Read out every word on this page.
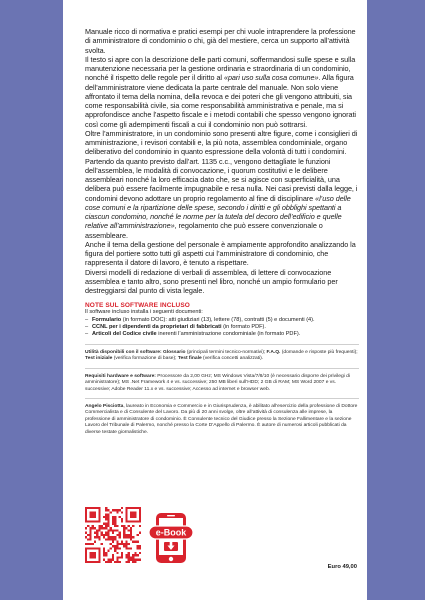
Manuale ricco di normativa e pratici esempi per chi vuole intraprendere la professione di amministratore di condominio o chi, già del mestiere, cerca un supporto all’attività svolta.

Il testo si apre con la descrizione delle parti comuni, soffermandosi sulle spese e sulla manutenzione necessaria per la gestione ordinaria e straordinaria di un condominio, nonché il rispetto delle regole per il diritto al «pari uso sulla cosa comune». Alla figura dell’amministratore viene dedicata la parte centrale del manuale. Non solo viene affrontato il tema della nomina, della revoca e dei poteri che gli vengono attribuiti, sia come responsabilità civile, sia come responsabilità amministrativa e penale, ma si approfondisce anche l’aspetto fiscale e i metodi contabili che spesso vengono ignorati così come gli adempimenti fiscali a cui il condominio non può sottrarsi.

Oltre l’amministratore, in un condominio sono presenti altre figure, come i consiglieri di amministrazione, i revisori contabili e, la più nota, assemblea condominiale, organo deliberativo del condominio in quanto espressione della volontà di tutti i condomini. Partendo da quanto previsto dall’art. 1135 c.c., vengono dettagliate le funzioni dell’assemblea, le modalità di convocazione, i quorum costitutivi e le delibere assembleari nonché la loro efficacia dato che, se si agisce con superficialità, una delibera può essere facilmente impugnabile e resa nulla. Nei casi previsti dalla legge, i condomini devono adottare un proprio regolamento al fine di disciplinare «l’uso delle cose comuni e la ripartizione delle spese, secondo i diritti e gli obblighi spettanti a ciascun condomino, nonché le norme per la tutela del decoro dell’edificio e quelle relative all’amministrazione», regolamento che può essere convenzionale o assembleare.

Anche il tema della gestione del personale è ampiamente approfondito analizzando la figura del portiere sotto tutti gli aspetti cui l’amministratore di condominio, che rappresenta il datore di lavoro, è tenuto a rispettare.

Diversi modelli di redazione di verbali di assemblea, di lettere di convocazione assemblea e tanto altro, sono presenti nel libro, nonché un ampio formulario per destreggiarsi dal punto di vista legale.

NOTE SUL SOFTWARE INCLUSO
Il software incluso installa i seguenti documenti:
– Formulario (in formato DOC): atti giudiziari (13), lettere (78), contratti (5) e documenti (4).
– CCNL per i dipendenti da proprietari di fabbricati (in formato PDF).
– Articoli del Codice civile inerenti l’amministrazione condominiale (in formato PDF).
Utilità disponibili con il software: Glossario (principali termini tecnico-normativi); F.A.Q. (domande e risposte più frequenti); Test iniziale (verifica formazione di base); Test finale (verifica concetti analizzati).
Requisiti hardware e software: Processore da 2,00 GHz; MS Windows Vista/7/8/10 (è necessario disporre dei privilegi di amministratore); MS .Net Framework 4 e vs. successive; 250 MB liberi sull’HDD; 2 GB di RAM; MS Word 2007 e vs. successive; Adobe Reader 11.x e vs. successive; Accesso ad internet e browser web.
Angelo Pisciotta, laureato in Economia e Commercio e in Giurisprudenza, è abilitato all’esercizio della professione di Dottore Commercialista e di Consulente del Lavoro. Da più di 20 anni svolge, oltre all’attività di consulenza alle imprese, la professione di amministratore di condominio. È Consulente tecnico del Giudice presso la Sezione Fallimentare e la sezione Lavoro del Tribunale di Palermo, nonché presso la Corte D’Appello di Palermo. È autore di numerosi articoli pubblicati da diverse testate giornalistiche.
e-Book
Euro 49,00
